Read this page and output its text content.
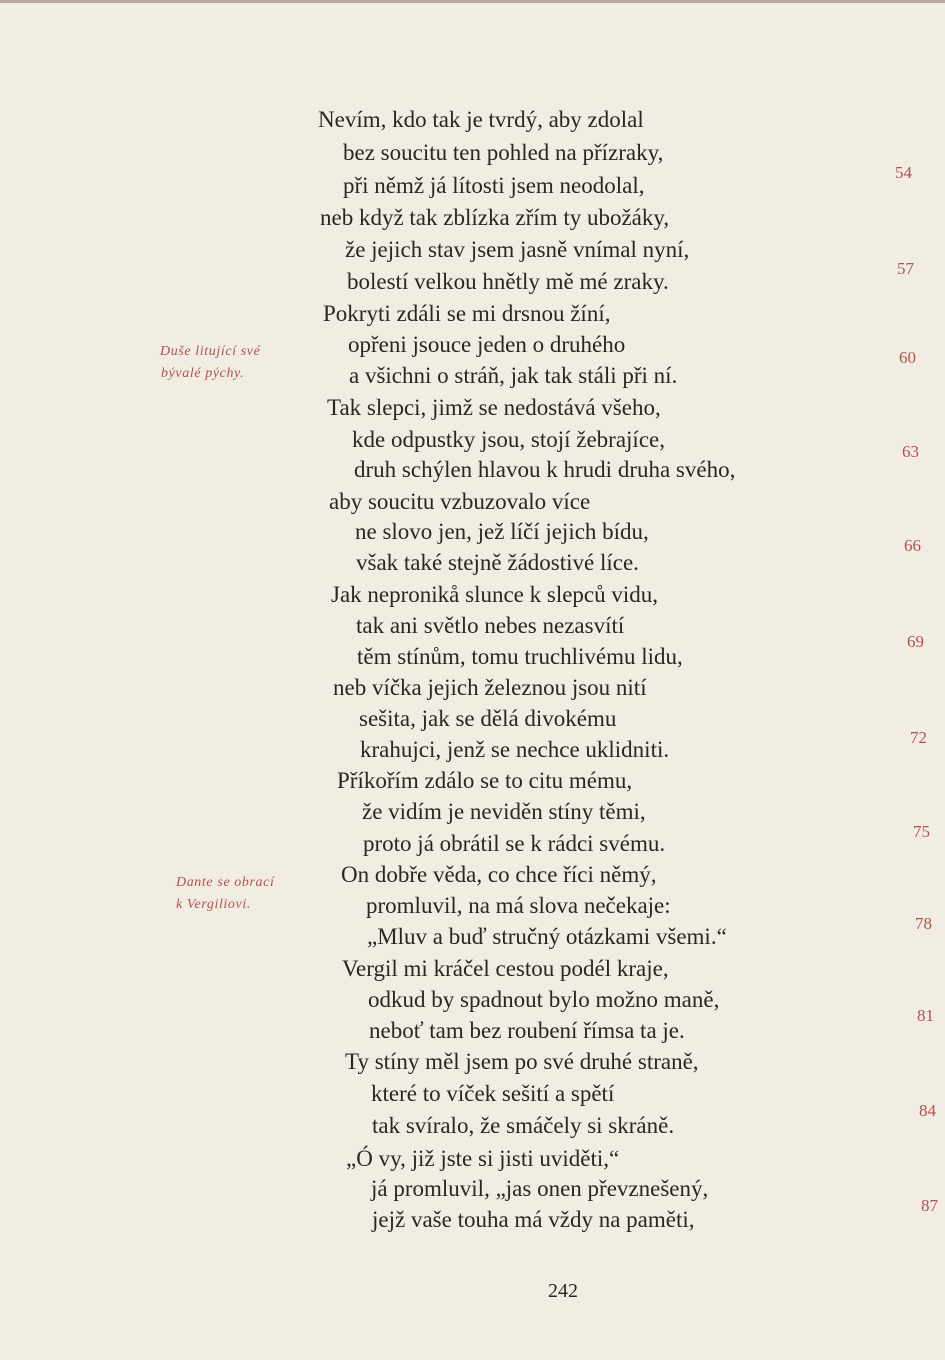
Nevím, kdo tak je tvrdý, aby zdolal
bez soucitu ten pohled na přízraky,
při němž já lítosti jsem neodolal,
neb když tak zblízka zřím ty ubožáky,
že jejich stav jsem jasně vnímal nyní,
bolestí velkou hnětly mě mé zraky.
Pokryti zdáli se mi drsnou žíní,
opřeni jsouce jeden o druhého
a všichni o stráň, jak tak stáli při ní.
Tak slepci, jimž se nedostává všeho,
kde odpustky jsou, stojí žebrajíce,
druh schýlen hlavou k hrudi druha svého,
aby soucitu vzbuzovalo více
ne slovo jen, jež líčí jejich bídu,
však také stejně žádostivé líce.
Jak nepronikå slunce k slepců vidu,
tak ani světlo nebes nezasvítí
těm stínům, tomu truchlivému lidu,
neb víčka jejich železnou jsou nití
sešita, jak se dělá divokému
krahujci, jenž se nechce uklidniti.
Příkořím zdálo se to citu mému,
že vidím je neviděn stíny těmi,
proto já obrátil se k rádci svému.
On dobře věda, co chce říci němý,
promluvil, na má slova nečekaje:
„Mluv a buď stručný otázkami všemi.“
Vergil mi kráčel cestou podél kraje,
odkud by spadnout bylo možno maně,
neboť tam bez roubení římsa ta je.
Ty stíny měl jsem po své druhé straně,
které to víček sešití a spětí
tak svíralo, že smáčely si skráně.
„Ó vy, již jste si jisti uviděti,“
já promluvil, „jas onen převznešený,
jejž vaše touha má vždy na paměti,
54
57
60
63
66
69
72
75
78
81
84
87
Duše litující své
bývalé pýchy.
Dante se obrací
k Vergiliovi.
242
